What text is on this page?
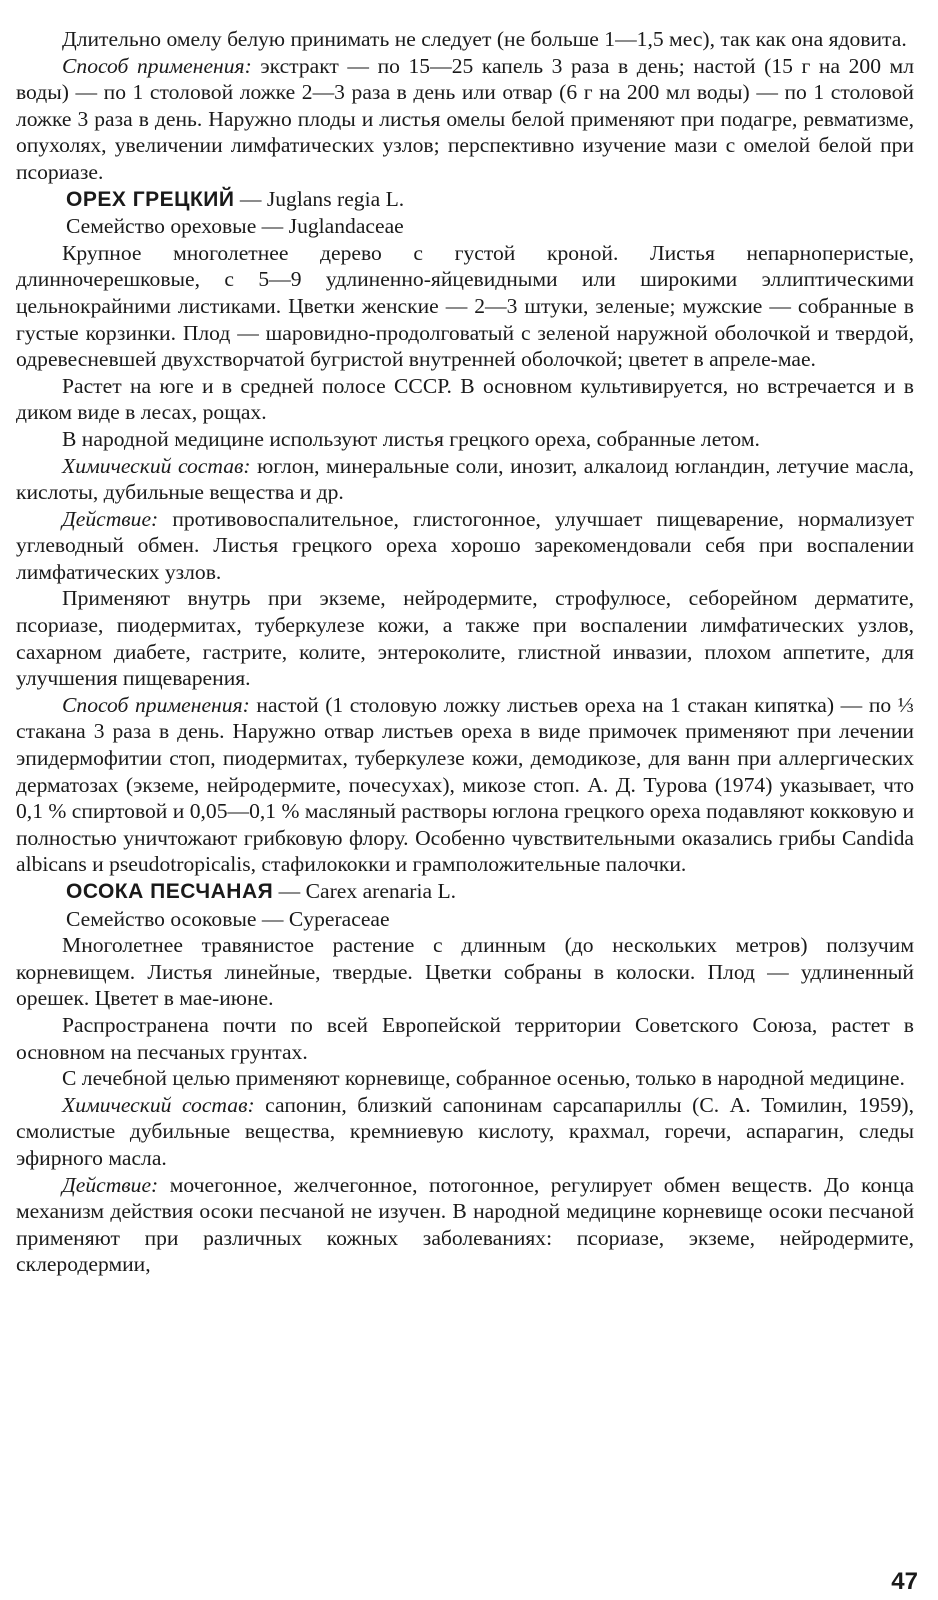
Длительно омелу белую принимать не следует (не больше 1—1,5 мес), так как она ядовита.

Способ применения: экстракт — по 15—25 капель 3 раза в день; настой (15 г на 200 мл воды) — по 1 столовой ложке 2—3 раза в день или отвар (6 г на 200 мл воды) — по 1 столовой ложке 3 раза в день. Наружно плоды и листья омелы белой применяют при подагре, ревматизме, опухолях, увеличении лимфатических узлов; перспективно изучение мази с омелой белой при псориазе.

ОРЕХ ГРЕЦКИЙ — Juglans regia L.

Семейство ореховые — Juglandaceae

Крупное многолетнее дерево с густой кроной. Листья непарноперистые, длинночерешковые, с 5—9 удлиненно-яйцевидными или широкими эллиптическими цельнокрайними листиками. Цветки женские — 2—3 штуки, зеленые; мужские — собранные в густые корзинки. Плод — шаровидно-продолговатый с зеленой наружной оболочкой и твердой, одревесневшей двухстворчатой бугристой внутренней оболочкой; цветет в апреле-мае.

Растет на юге и в средней полосе СССР. В основном культивируется, но встречается и в диком виде в лесах, рощах.

В народной медицине используют листья грецкого ореха, собранные летом.

Химический состав: юглон, минеральные соли, инозит, алкалоид югландин, летучие масла, кислоты, дубильные вещества и др.

Действие: противовоспалительное, глистогонное, улучшает пищеварение, нормализует углеводный обмен. Листья грецкого ореха хорошо зарекомендовали себя при воспалении лимфатических узлов.

Применяют внутрь при экземе, нейродермите, строфулюсе, себорейном дерматите, псориазе, пиодермитах, туберкулезе кожи, а также при воспалении лимфатических узлов, сахарном диабете, гастрите, колите, энтероколите, глистной инвазии, плохом аппетите, для улучшения пищеварения.

Способ применения: настой (1 столовую ложку листьев ореха на 1 стакан кипятка) — по ⅓ стакана 3 раза в день. Наружно отвар листьев ореха в виде примочек применяют при лечении эпидермофитии стоп, пиодермитах, туберкулезе кожи, демодикозе, для ванн при аллергических дерматозах (экземе, нейродермите, почесухах), микозе стоп. А. Д. Турова (1974) указывает, что 0,1 % спиртовой и 0,05—0,1 % масляный растворы юглона грецкого ореха подавляют кокковую и полностью уничтожают грибковую флору. Особенно чувствительными оказались грибы Candida albicans и pseudotropicalis, стафилококки и грамположительные палочки.

ОСОКА ПЕСЧАНАЯ — Carex arenaria L.

Семейство осоковые — Cyperaceae

Многолетнее травянистое растение с длинным (до нескольких метров) ползучим корневищем. Листья линейные, твердые. Цветки собраны в колоски. Плод — удлиненный орешек. Цветет в мае-июне.

Распространена почти по всей Европейской территории Советского Союза, растет в основном на песчаных грунтах.

С лечебной целью применяют корневище, собранное осенью, только в народной медицине.

Химический состав: сапонин, близкий сапонинам сарсапариллы (С. А. Томилин, 1959), смолистые дубильные вещества, кремниевую кислоту, крахмал, горечи, аспарагин, следы эфирного масла.

Действие: мочегонное, желчегонное, потогонное, регулирует обмен веществ. До конца механизм действия осоки песчаной не изучен. В народной медицине корневище осоки песчаной применяют при различных кожных заболеваниях: псориазе, экземе, нейродермите, склеродермии,

47
